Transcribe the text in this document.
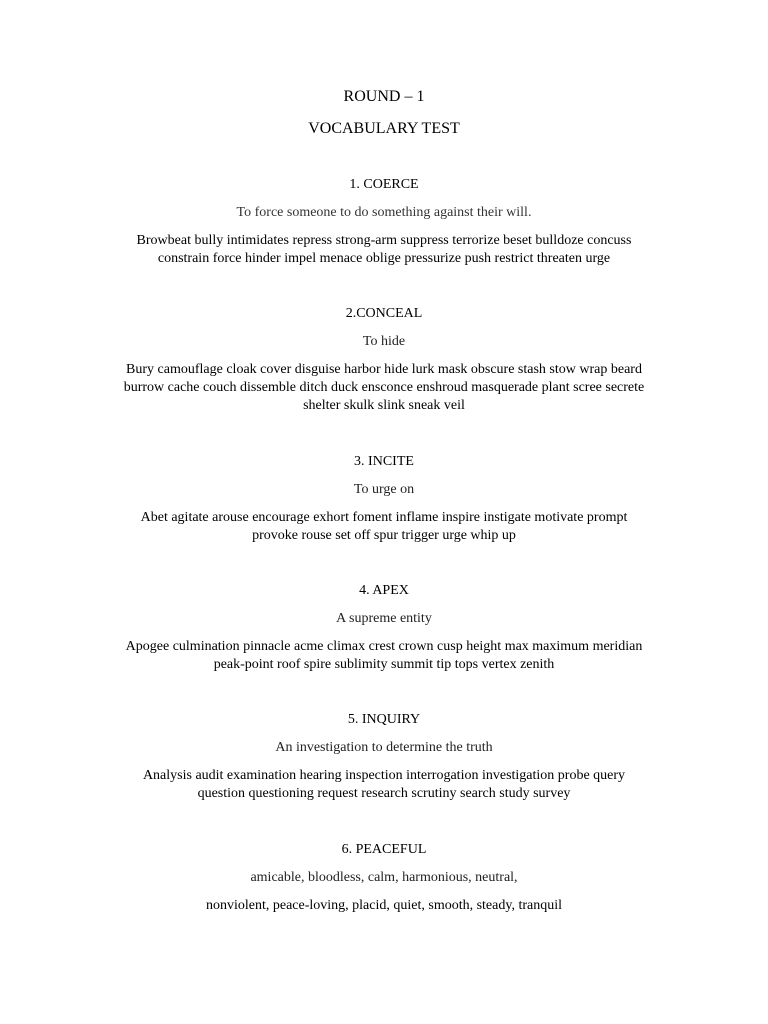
ROUND – 1
VOCABULARY TEST
1. COERCE
To force someone to do something against their will.
Browbeat bully intimidates repress strong-arm suppress terrorize beset bulldoze concuss
constrain force hinder impel menace oblige pressurize push restrict threaten urge
2.CONCEAL
To hide
Bury camouflage cloak cover disguise harbor hide lurk mask obscure stash stow wrap beard
burrow cache couch dissemble ditch duck ensconce enshroud masquerade plant scree secrete
shelter skulk slink sneak veil
3. INCITE
To urge on
Abet agitate arouse encourage exhort foment inflame inspire instigate motivate prompt
provoke rouse set off spur trigger urge whip up
4. APEX
A supreme entity
Apogee culmination pinnacle acme climax crest crown cusp height max maximum meridian
peak-point roof spire sublimity summit tip tops vertex zenith
5. INQUIRY
An investigation to determine the truth
Analysis audit examination hearing inspection interrogation investigation probe query
question questioning request research scrutiny search study survey
6. PEACEFUL
amicable, bloodless, calm, harmonious, neutral,
nonviolent, peace-loving, placid, quiet, smooth, steady, tranquil
